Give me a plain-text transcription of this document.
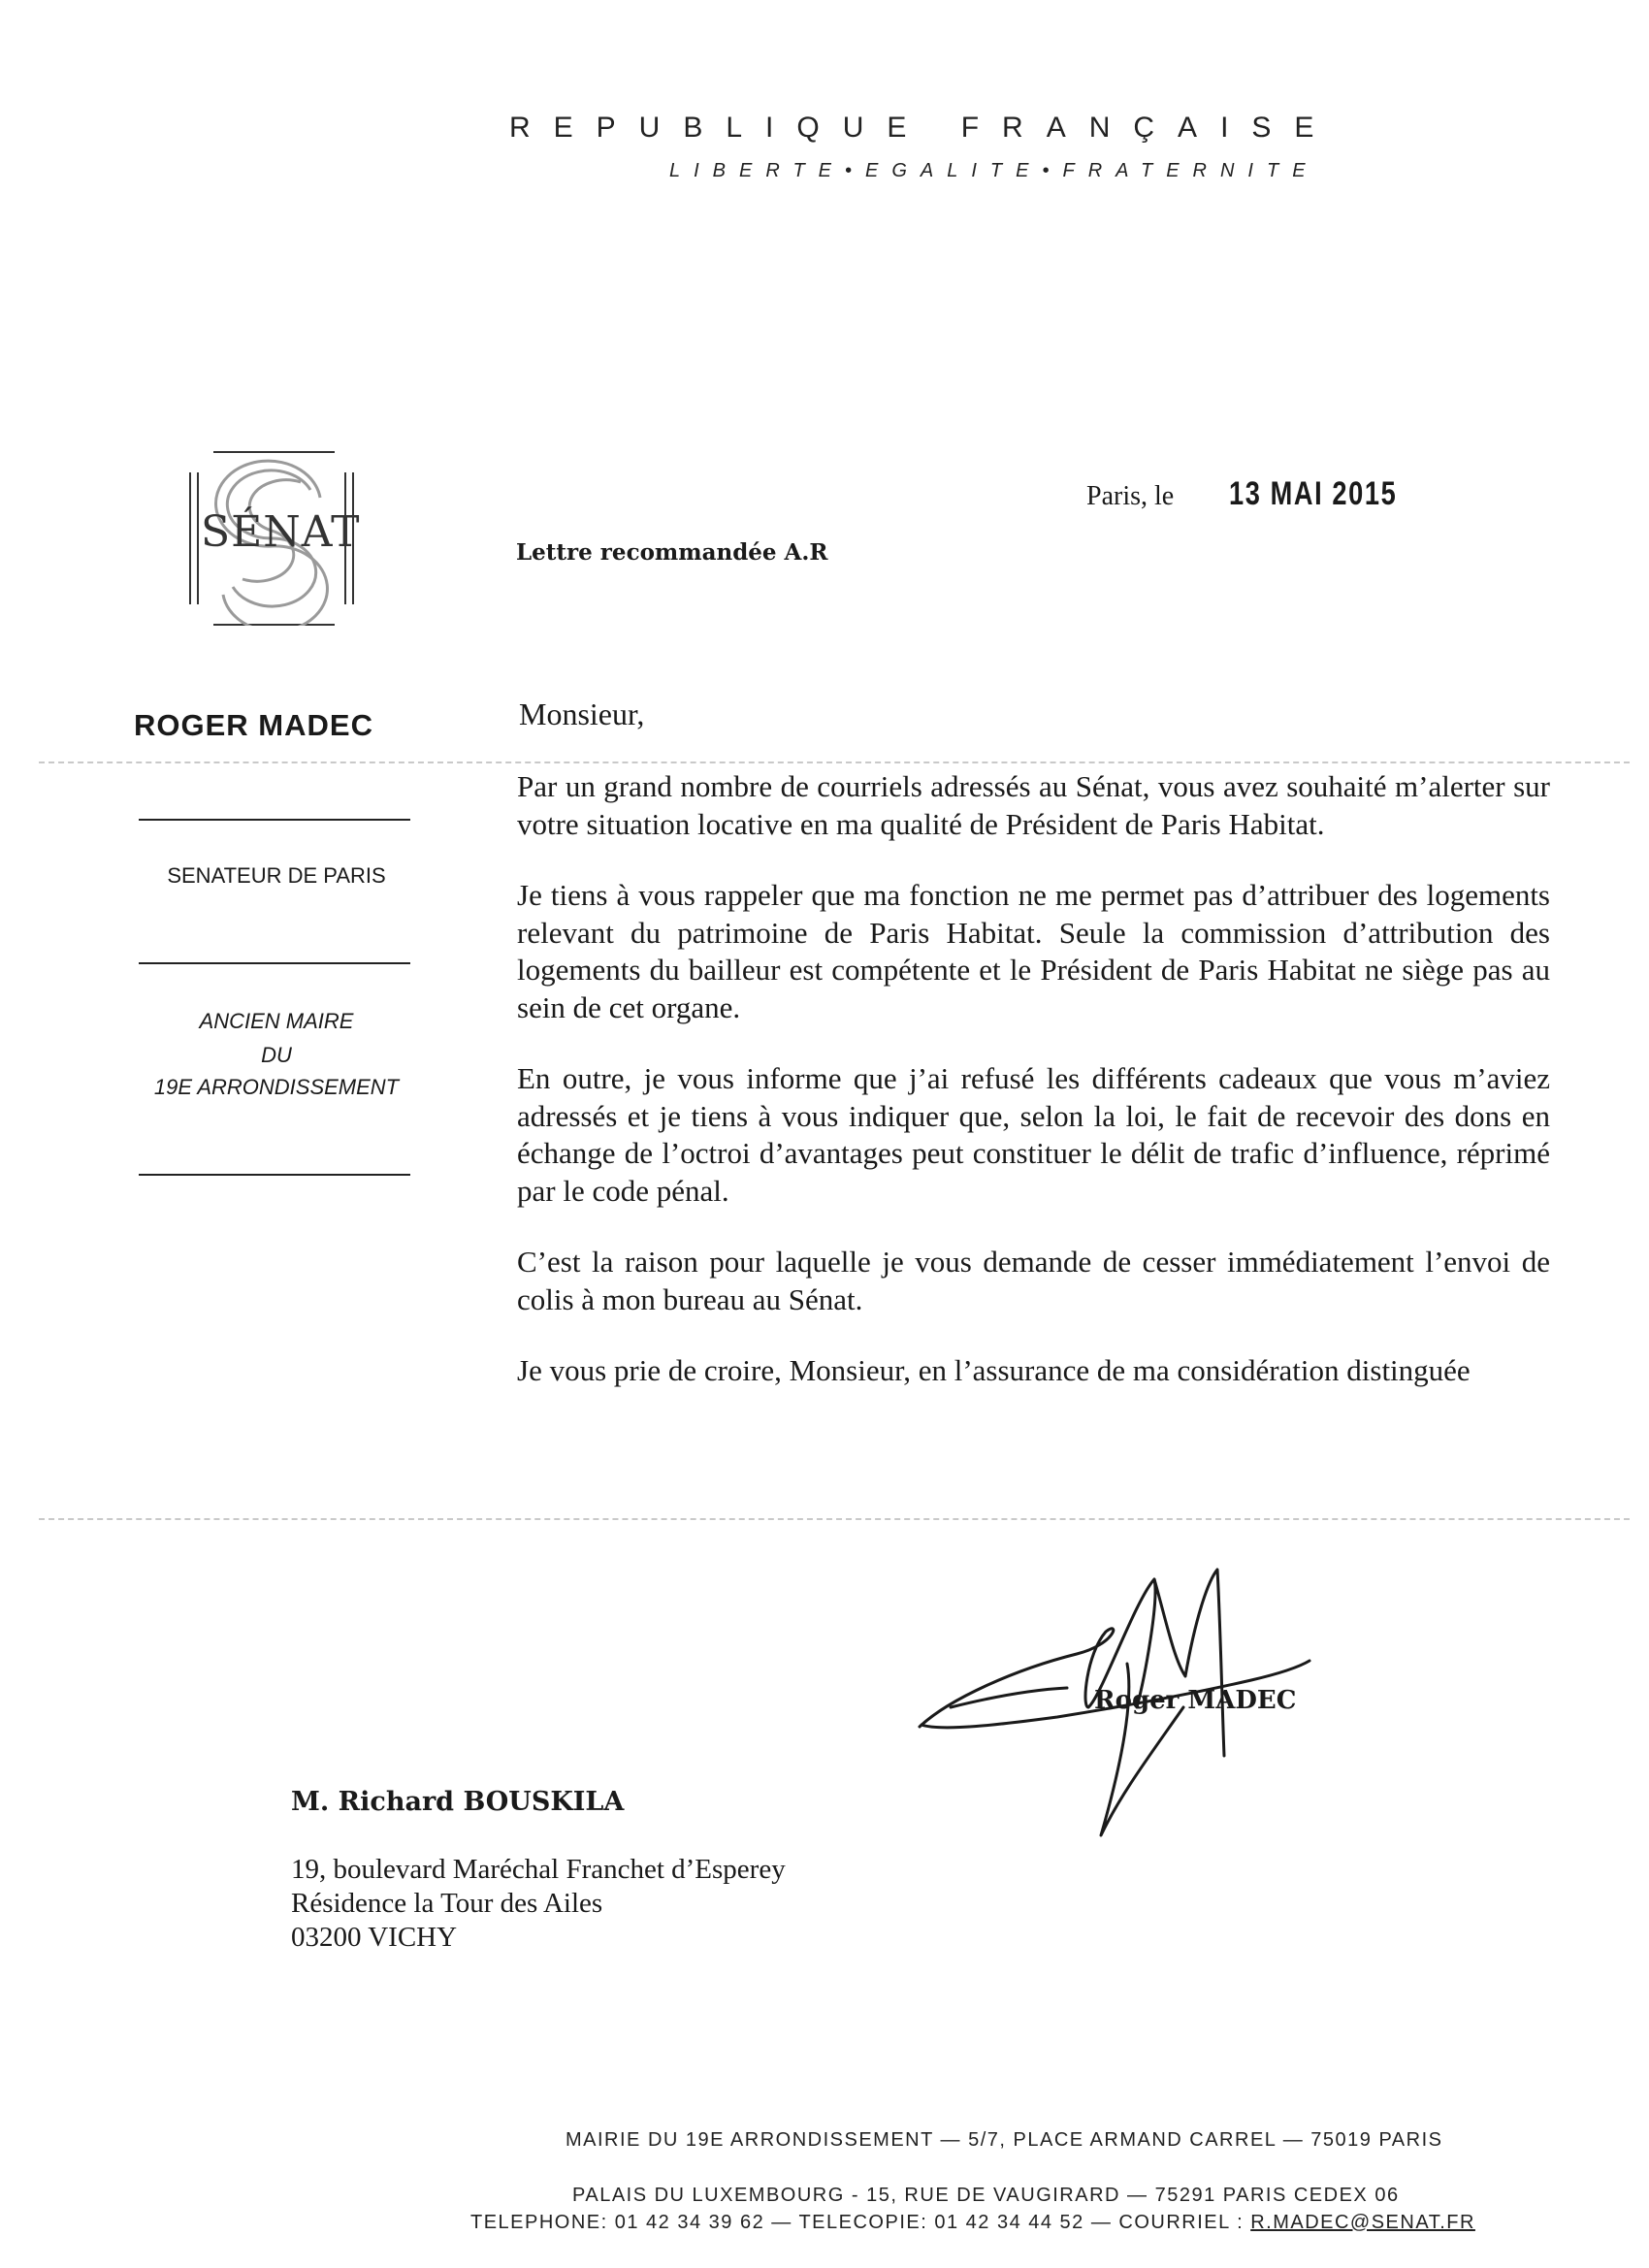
REPUBLIQUE FRANÇAISE
LIBERTE•EGALITE•FRATERNITE
SÉNAT
ROGER MADEC
SENATEUR DE PARIS
ANCIEN MAIRE
DU
19E ARRONDISSEMENT
Paris, le 13 MAI 2015
Lettre recommandée A.R
Monsieur,

Par un grand nombre de courriels adressés au Sénat, vous avez souhaité m’alerter sur votre situation locative en ma qualité de Président de Paris Habitat.

Je tiens à vous rappeler que ma fonction ne me permet pas d’attribuer des logements relevant du patrimoine de Paris Habitat. Seule la commission d’attribution des logements du bailleur est compétente et le Président de Paris Habitat ne siège pas au sein de cet organe.

En outre, je vous informe que j’ai refusé les différents cadeaux que vous m’aviez adressés et je tiens à vous indiquer que, selon la loi, le fait de recevoir des dons en échange de l’octroi d’avantages peut constituer le délit de trafic d’influence, réprimé par le code pénal.

C’est la raison pour laquelle je vous demande de cesser immédiatement l’envoi de colis à mon bureau au Sénat.

Je vous prie de croire, Monsieur, en l’assurance de ma considération distinguée

Roger MADEC
M. Richard BOUSKILA
19, boulevard Maréchal Franchet d’Esperey
Résidence la Tour des Ailes
03200 VICHY
MAIRIE DU 19E ARRONDISSEMENT — 5/7, PLACE ARMAND CARREL — 75019 PARIS
PALAIS DU LUXEMBOURG - 15, RUE DE VAUGIRARD — 75291 PARIS CEDEX 06
TELEPHONE: 01 42 34 39 62 — TELECOPIE: 01 42 34 44 52 — COURRIEL : R.MADEC@SENAT.FR
